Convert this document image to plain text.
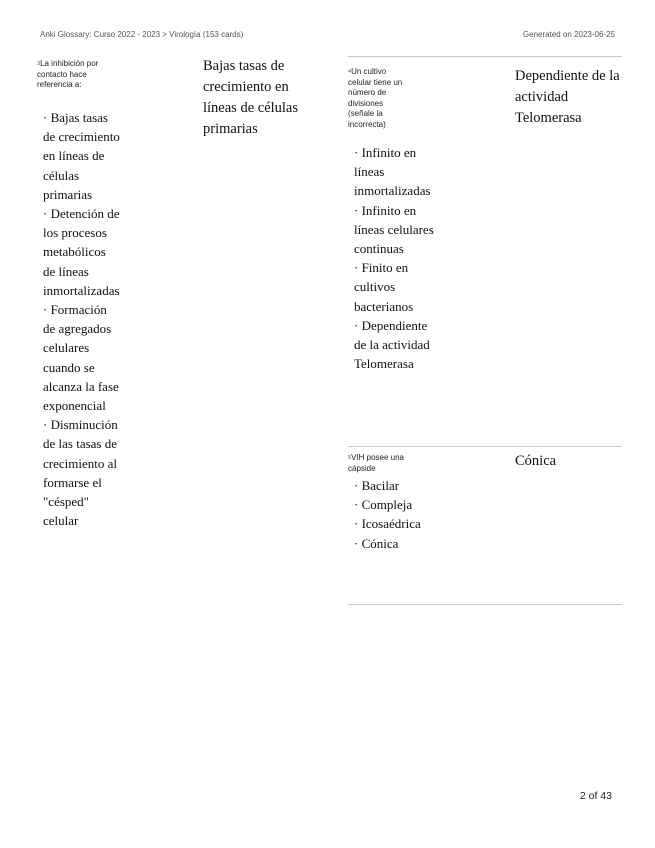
Anki Glossary: Curso 2022 - 2023 > Virología (153 cards)	Generated on 2023-06-25
3La inhibición por contacto hace referencia a:
· Bajas tasas de crecimiento en líneas de células primarias
· Detención de los procesos metabólicos de líneas inmortalizadas
· Formación de agregados celulares cuando se alcanza la fase exponencial
· Disminución de las tasas de crecimiento al formarse el "césped" celular
Bajas tasas de crecimiento en líneas de células primarias
4Un cultivo celular tiene un número de divisiones (señale la incorrecta)
· Infinito en líneas inmortalizadas
· Infinito en líneas celulares continuas
· Finito en cultivos bacterianos
· Dependiente de la actividad Telomerasa
Dependiente de la actividad Telomerasa
5VIH posee una cápside
· Bacilar
· Compleja
· Icosaédrica
· Cónica
Cónica
2 of 43
